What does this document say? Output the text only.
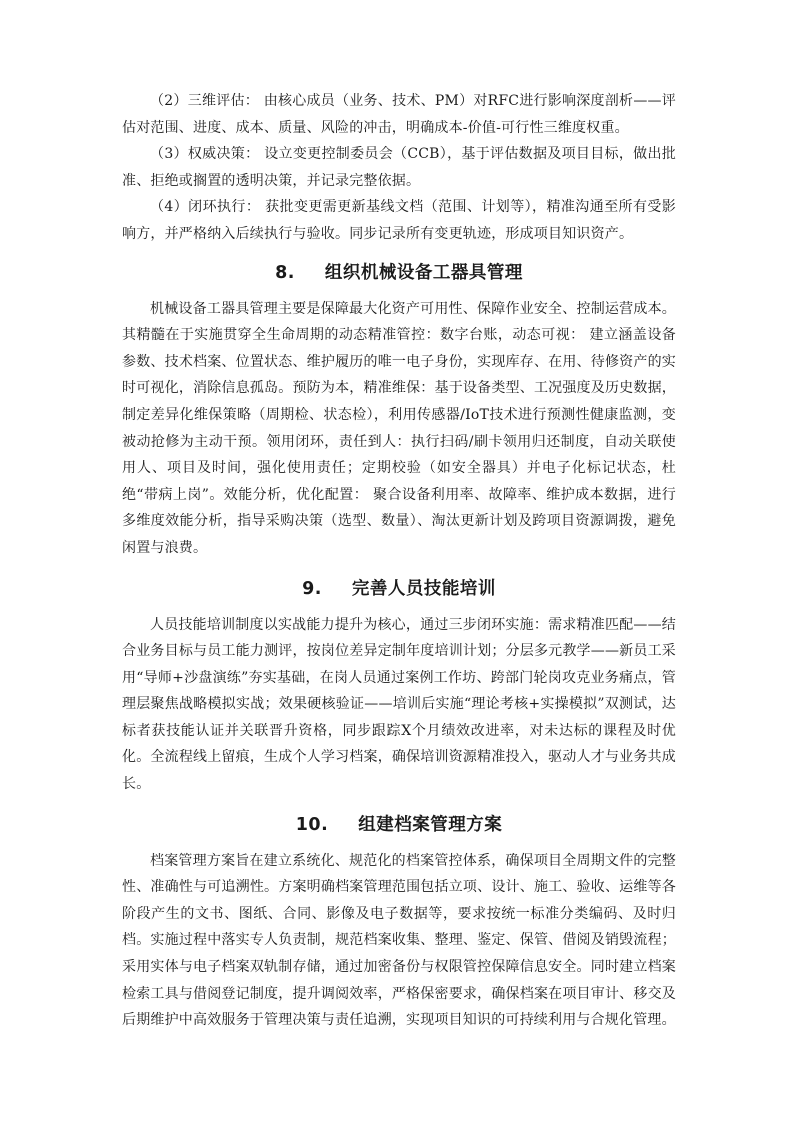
（2）三维评估： 由核心成员（业务、技术、PM）对RFC进行影响深度剖析——评估对范围、进度、成本、质量、风险的冲击，明确成本-价值-可行性三维度权重。

（3）权威决策： 设立变更控制委员会（CCB），基于评估数据及项目目标，做出批准、拒绝或搁置的透明决策，并记录完整依据。

（4）闭环执行： 获批变更需更新基线文档（范围、计划等），精准沟通至所有受影响方，并严格纳入后续执行与验收。同步记录所有变更轨迹，形成项目知识资产。

8. 组织机械设备工器具管理

机械设备工器具管理主要是保障最大化资产可用性、保障作业安全、控制运营成本。其精髓在于实施贯穿全生命周期的动态精准管控：数字台账，动态可视： 建立涵盖设备参数、技术档案、位置状态、维护履历的唯一电子身份，实现库存、在用、待修资产的实时可视化，消除信息孤岛。预防为本，精准维保：基于设备类型、工况强度及历史数据，制定差异化维保策略（周期检、状态检），利用传感器/IoT技术进行预测性健康监测，变被动抢修为主动干预。领用闭环，责任到人：执行扫码/刷卡领用归还制度，自动关联使用人、项目及时间，强化使用责任；定期校验（如安全器具）并电子化标记状态，杜绝“带病上岗”。效能分析，优化配置： 聚合设备利用率、故障率、维护成本数据，进行多维度效能分析，指导采购决策（选型、数量）、淘汰更新计划及跨项目资源调拨，避免闲置与浪费。

9. 完善人员技能培训

人员技能培训制度以实战能力提升为核心，通过三步闭环实施：需求精准匹配——结合业务目标与员工能力测评，按岗位差异定制年度培训计划；分层多元教学——新员工采用“导师+沙盘演练”夯实基础，在岗人员通过案例工作坊、跨部门轮岗攻克业务痛点，管理层聚焦战略模拟实战；效果硬核验证——培训后实施“理论考核+实操模拟”双测试，达标者获技能认证并关联晋升资格，同步跟踪X个月绩效改进率，对未达标的课程及时优化。全流程线上留痕，生成个人学习档案，确保培训资源精准投入，驱动人才与业务共成长。

10. 组建档案管理方案

档案管理方案旨在建立系统化、规范化的档案管控体系，确保项目全周期文件的完整性、准确性与可追溯性。方案明确档案管理范围包括立项、设计、施工、验收、运维等各阶段产生的文书、图纸、合同、影像及电子数据等，要求按统一标准分类编码、及时归档。实施过程中落实专人负责制，规范档案收集、整理、鉴定、保管、借阅及销毁流程；采用实体与电子档案双轨制存储，通过加密备份与权限管控保障信息安全。同时建立档案检索工具与借阅登记制度，提升调阅效率，严格保密要求，确保档案在项目审计、移交及后期维护中高效服务于管理决策与责任追溯，实现项目知识的可持续利用与合规化管理。
